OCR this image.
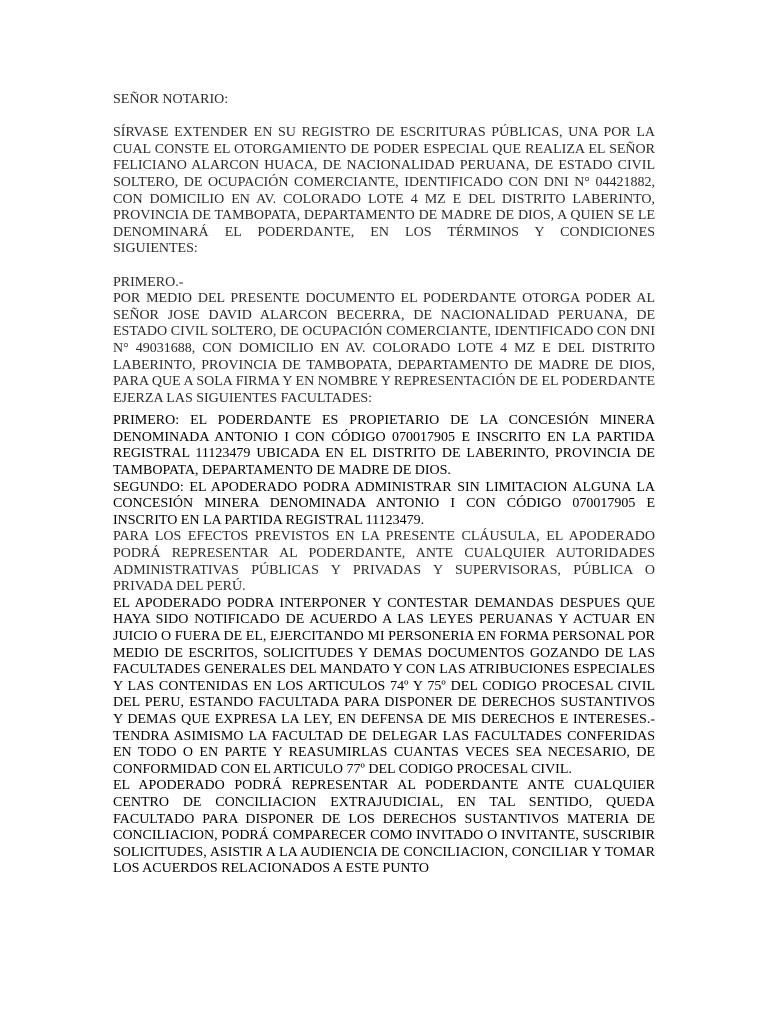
SEÑOR NOTARIO:

SÍRVASE EXTENDER EN SU REGISTRO DE ESCRITURAS PÚBLICAS, UNA POR LA CUAL CONSTE EL OTORGAMIENTO DE PODER ESPECIAL QUE REALIZA EL SEÑOR FELICIANO ALARCON HUACA, DE NACIONALIDAD PERUANA, DE ESTADO CIVIL SOLTERO, DE OCUPACIÓN COMERCIANTE, IDENTIFICADO CON DNI N° 04421882, CON DOMICILIO EN AV. COLORADO LOTE 4 MZ E DEL DISTRITO LABERINTO, PROVINCIA DE TAMBOPATA, DEPARTAMENTO DE MADRE DE DIOS, A QUIEN SE LE DENOMINARÁ EL PODERDANTE, EN LOS TÉRMINOS Y CONDICIONES SIGUIENTES:

PRIMERO.-

POR MEDIO DEL PRESENTE DOCUMENTO EL PODERDANTE OTORGA PODER AL SEÑOR JOSE DAVID ALARCON BECERRA, DE NACIONALIDAD PERUANA, DE ESTADO CIVIL SOLTERO, DE OCUPACIÓN COMERCIANTE, IDENTIFICADO CON DNI N° 49031688, CON DOMICILIO EN AV. COLORADO LOTE 4 MZ E DEL DISTRITO LABERINTO, PROVINCIA DE TAMBOPATA, DEPARTAMENTO DE MADRE DE DIOS, PARA QUE A SOLA FIRMA Y EN NOMBRE Y REPRESENTACIÓN DE EL PODERDANTE EJERZA LAS SIGUIENTES FACULTADES:

PRIMERO: EL PODERDANTE ES PROPIETARIO DE LA CONCESIÓN MINERA DENOMINADA ANTONIO I CON CÓDIGO 070017905 E INSCRITO EN LA PARTIDA REGISTRAL 11123479 UBICADA EN EL DISTRITO DE LABERINTO, PROVINCIA DE TAMBOPATA, DEPARTAMENTO DE MADRE DE DIOS.

SEGUNDO: EL APODERADO PODRA ADMINISTRAR SIN LIMITACION ALGUNA LA CONCESIÓN MINERA DENOMINADA ANTONIO I CON CÓDIGO 070017905 E INSCRITO EN LA PARTIDA REGISTRAL 11123479.

PARA LOS EFECTOS PREVISTOS EN LA PRESENTE CLÁUSULA, EL APODERADO PODRÁ REPRESENTAR AL PODERDANTE, ANTE CUALQUIER AUTORIDADES ADMINISTRATIVAS PÚBLICAS Y PRIVADAS Y SUPERVISORAS, PÚBLICA O PRIVADA DEL PERÚ.

EL APODERADO PODRA INTERPONER Y CONTESTAR DEMANDAS DESPUES QUE HAYA SIDO NOTIFICADO DE ACUERDO A LAS LEYES PERUANAS Y ACTUAR EN JUICIO O FUERA DE EL, EJERCITANDO MI PERSONERIA EN FORMA PERSONAL POR MEDIO DE ESCRITOS, SOLICITUDES Y DEMAS DOCUMENTOS GOZANDO DE LAS FACULTADES GENERALES DEL MANDATO Y CON LAS ATRIBUCIONES ESPECIALES Y LAS CONTENIDAS EN LOS ARTICULOS 74º Y 75º DEL CODIGO PROCESAL CIVIL DEL PERU, ESTANDO FACULTADA PARA DISPONER DE DERECHOS SUSTANTIVOS Y DEMAS QUE EXPRESA LA LEY, EN DEFENSA DE MIS DERECHOS E INTERESES.- TENDRA ASIMISMO LA FACULTAD DE DELEGAR LAS FACULTADES CONFERIDAS EN TODO O EN PARTE Y REASUMIRLAS CUANTAS VECES SEA NECESARIO, DE CONFORMIDAD CON EL ARTICULO 77º DEL CODIGO PROCESAL CIVIL.

EL APODERADO PODRÁ REPRESENTAR AL PODERDANTE ANTE CUALQUIER CENTRO DE CONCILIACION EXTRAJUDICIAL, EN TAL SENTIDO, QUEDA FACULTADO PARA DISPONER DE LOS DERECHOS SUSTANTIVOS MATERIA DE CONCILIACION, PODRÁ COMPARECER COMO INVITADO O INVITANTE, SUSCRIBIR SOLICITUDES, ASISTIR A LA AUDIENCIA DE CONCILIACION, CONCILIAR Y TOMAR LOS ACUERDOS RELACIONADOS A ESTE PUNTO
